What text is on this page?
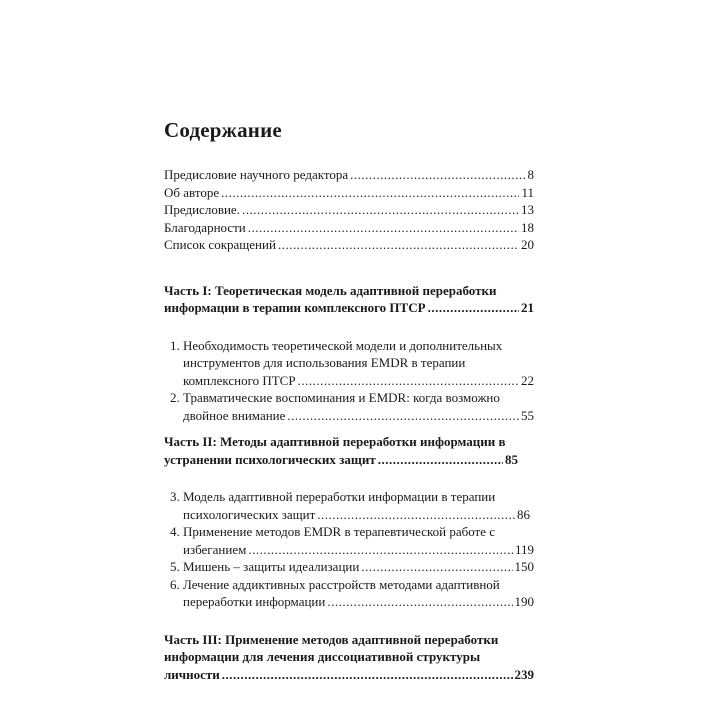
Содержание
Предисловие научного редактора .....	8
Об авторе .....	11
Предисловие. .....	13
Благодарности .....	18
Список сокращений .....	20
Часть I: Теоретическая модель адаптивной переработки
информации в терапии комплексного ПТСР .....	21
1. Необходимость теоретической модели и дополнительных
инструментов для использования EMDR в терапии
комплексного ПТСР .....	22
2. Травматические воспоминания и EMDR: когда возможно
двойное внимание .....	55
Часть II: Методы адаптивной переработки информации в
устранении психологических защит .....	85
3. Модель адаптивной переработки информации в терапии
психологических защит .....	86
4. Применение методов EMDR в терапевтической работе с
избеганием .....	119
5. Мишень – защиты идеализации .....	150
6. Лечение аддиктивных расстройств методами адаптивной
переработки информации .....	190
Часть III: Применение методов адаптивной переработки
информации для лечения диссоциативной структуры
личности .....	239
